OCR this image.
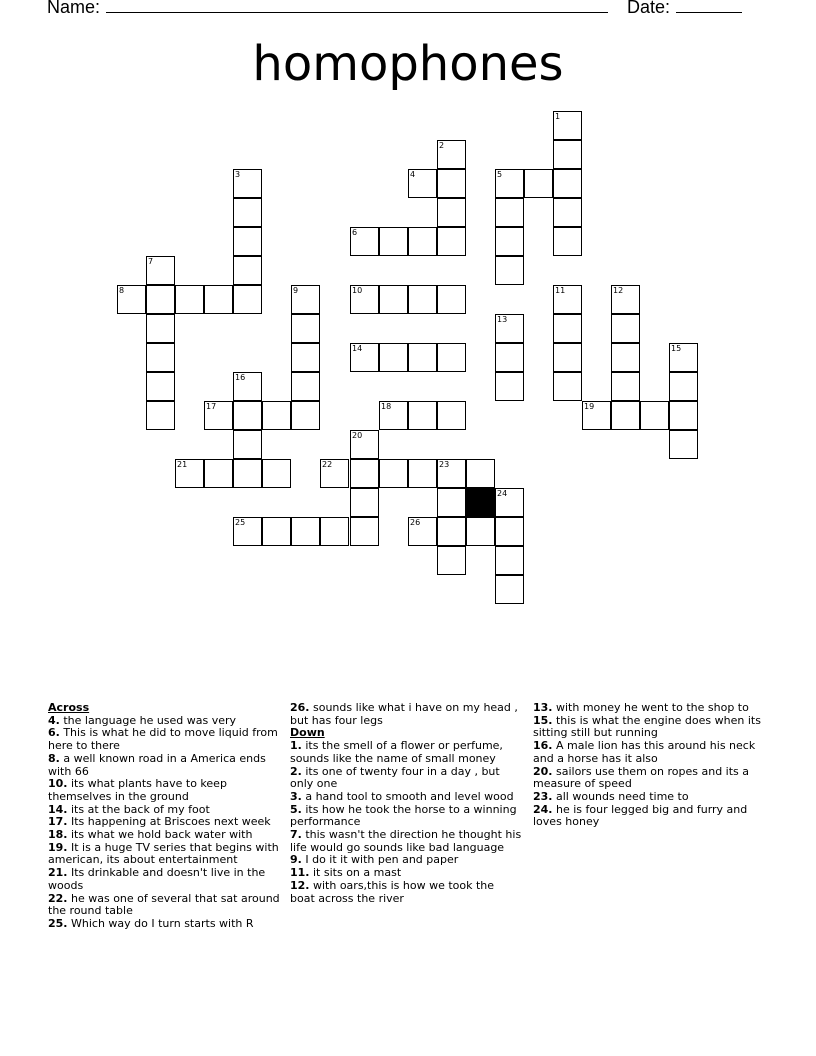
Name:	Date:
homophones
1
2
3	4	5
6
7
8	9	10	11	12
13
14	15
16
17	18	19
20
21	22	23
24
25	26
Across
4. the language he used was very
6. This is what he did to move liquid from here to there
8. a well known road in a America ends with 66
10. its what plants have to keep themselves in the ground
14. its at the back of my foot
17. Its happening at Briscoes next week
18. its what we hold back water with
19. It is a huge TV series that begins with american, its about entertainment
21. Its drinkable and doesn't live in the woods
22. he was one of several that sat around the round table
25. Which way do I turn starts with R
26. sounds like what i have on my head , but has four legs
Down
1. its the smell of a flower or perfume, sounds like the name of small money
2. its one of twenty four in a day , but only one
3. a hand tool to smooth and level wood
5. its how he took the horse to a winning performance
7. this wasn't the direction he thought his life would go sounds like bad language
9. I do it it with pen and paper
11. it sits on a mast
12. with oars,this is how we took the boat across the river
13. with money he went to the shop to
15. this is what the engine does when its sitting still but running
16. A male lion has this around his neck and a horse has it also
20. sailors use them on ropes and its a measure of speed
23. all wounds need time to
24. he is four legged big and furry and loves honey
